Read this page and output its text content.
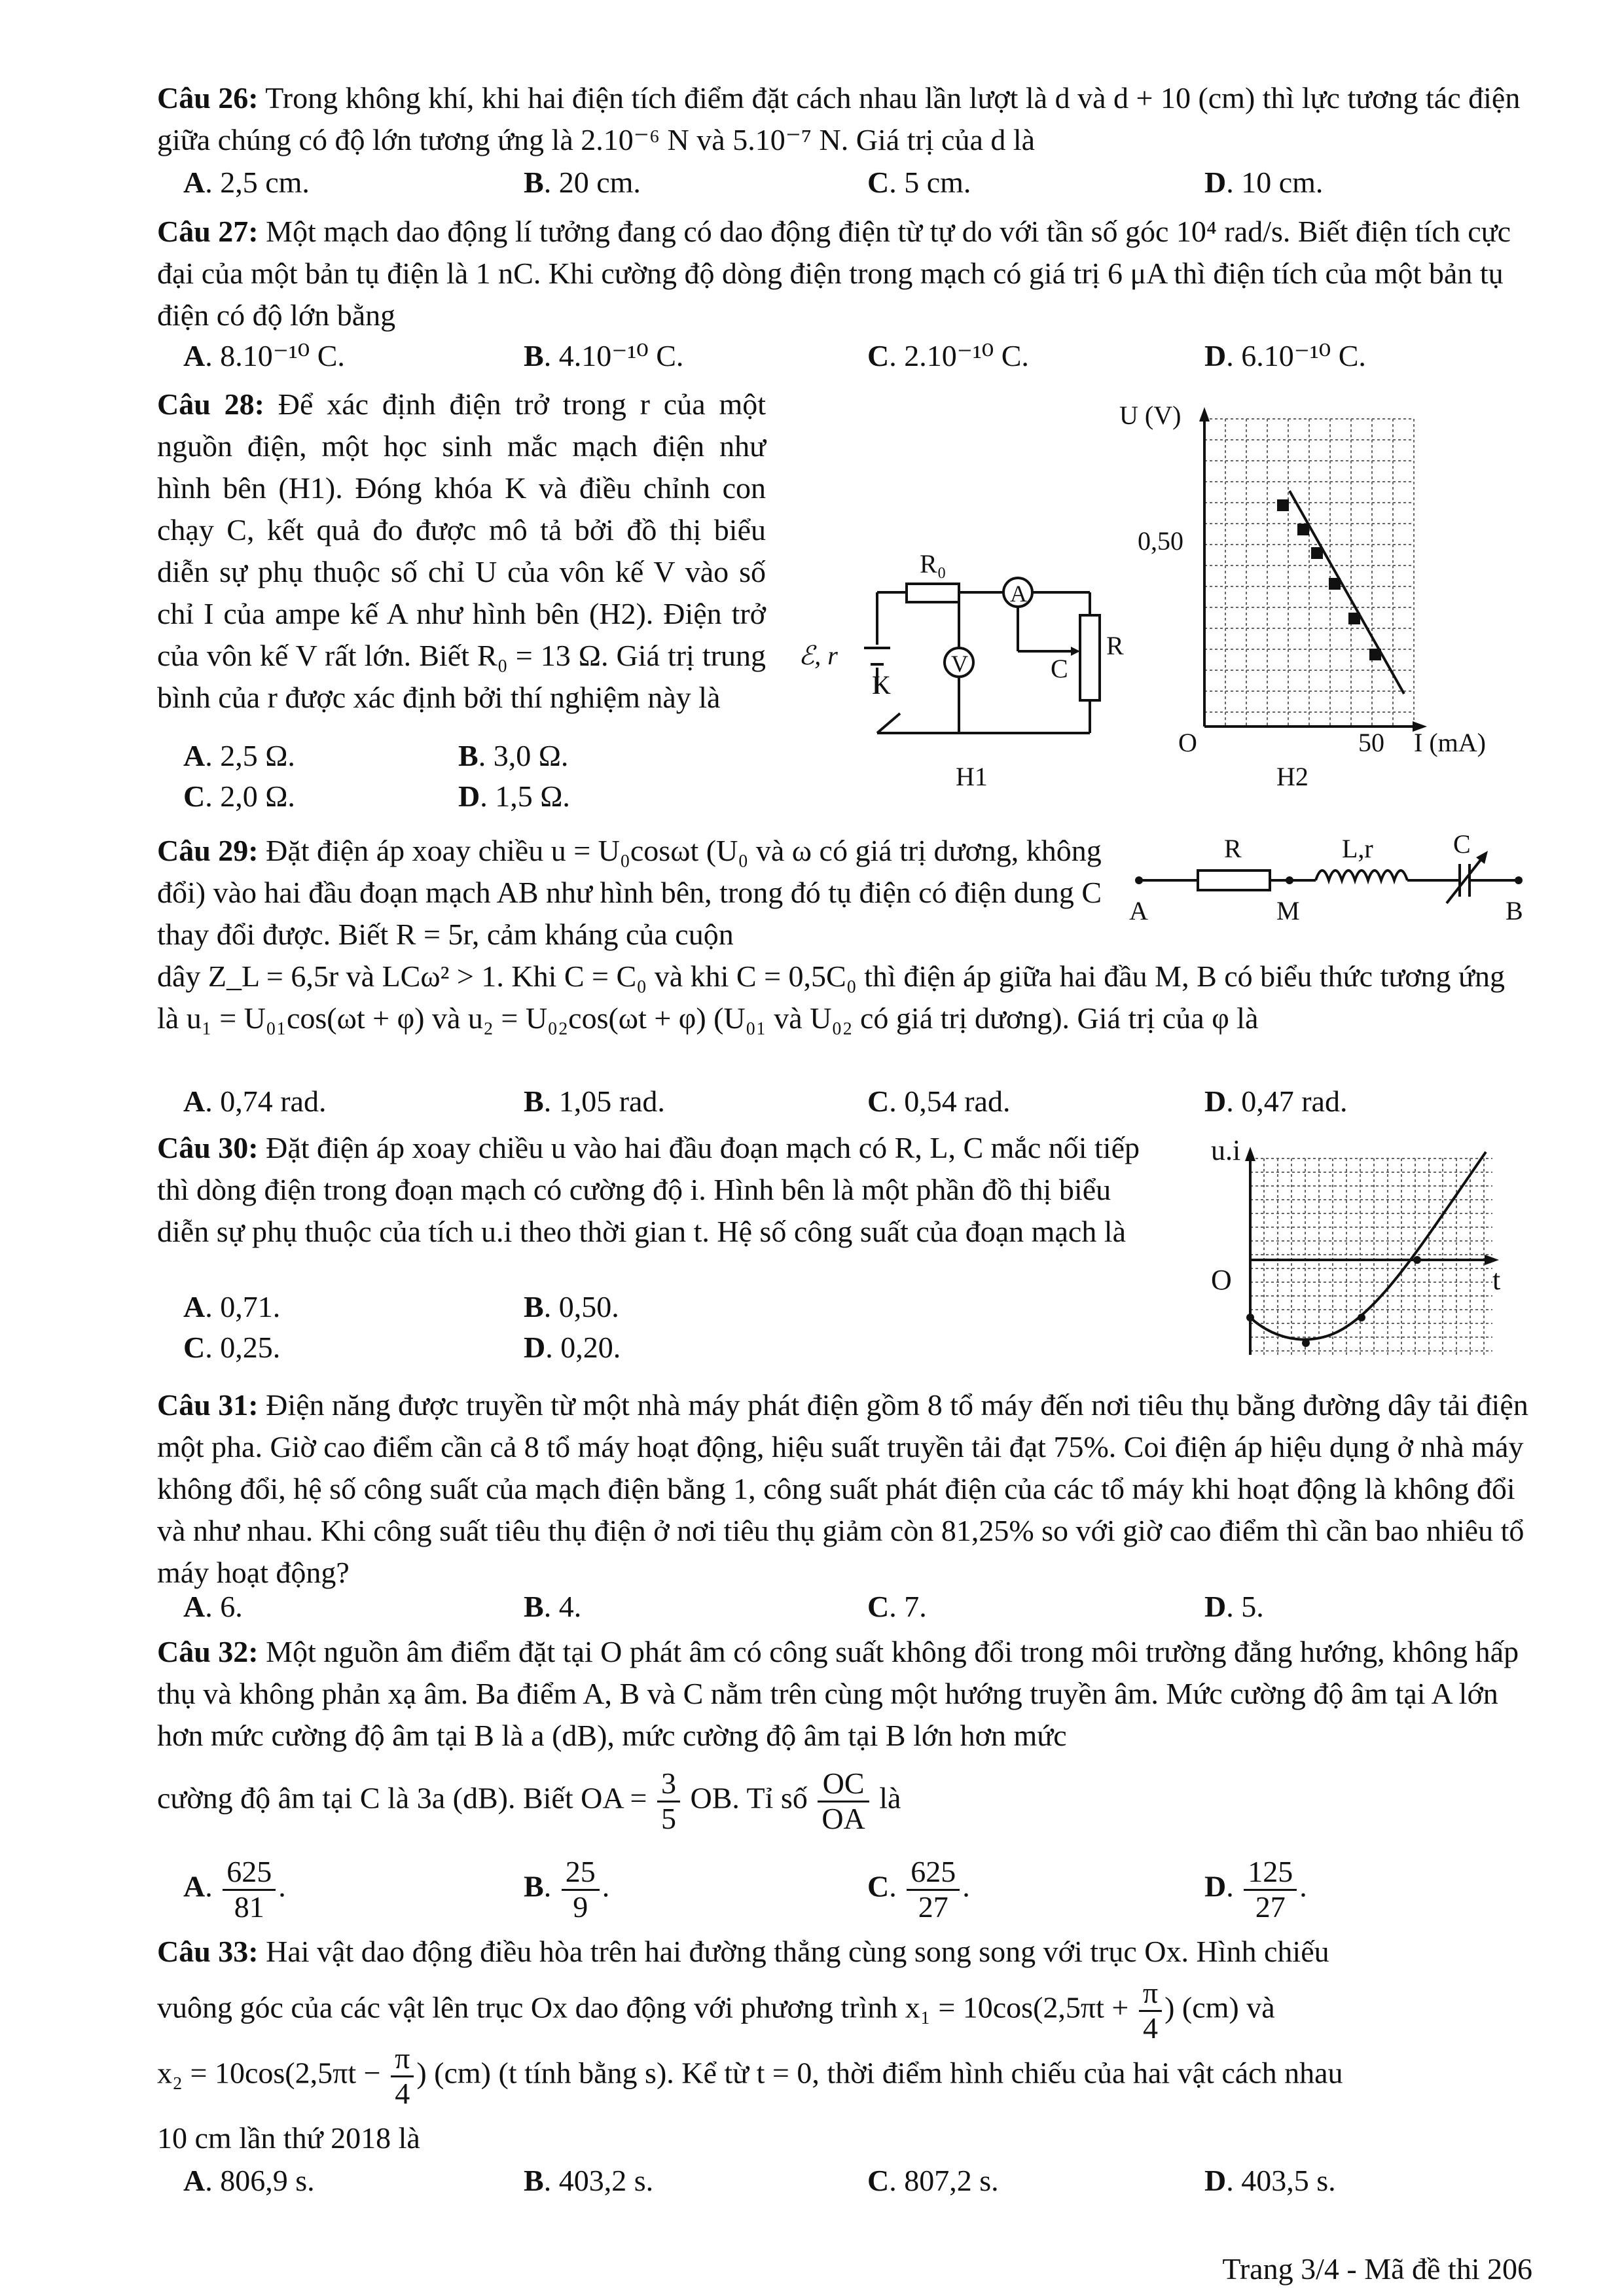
Câu 26: Trong không khí, khi hai điện tích điểm đặt cách nhau lần lượt là d và d + 10 (cm) thì lực tương tác điện giữa chúng có độ lớn tương ứng là 2.10⁻⁶ N và 5.10⁻⁷ N. Giá trị của d là
A. 2,5 cm.	B. 20 cm.	C. 5 cm.	D. 10 cm.
Câu 27: Một mạch dao động lí tưởng đang có dao động điện từ tự do với tần số góc 10⁴ rad/s. Biết điện tích cực đại của một bản tụ điện là 1 nC. Khi cường độ dòng điện trong mạch có giá trị 6 μA thì điện tích của một bản tụ điện có độ lớn bằng
A. 8.10⁻¹⁰ C.	B. 4.10⁻¹⁰ C.	C. 2.10⁻¹⁰ C.	D. 6.10⁻¹⁰ C.
Câu 28: Để xác định điện trở trong r của một nguồn điện, một học sinh mắc mạch điện như hình bên (H1). Đóng khóa K và điều chỉnh con chạy C, kết quả đo được mô tả bởi đồ thị biểu diễn sự phụ thuộc số chỉ U của vôn kế V vào số chỉ I của ampe kế A như hình bên (H2). Điện trở của vôn kế V rất lớn. Biết R₀ = 13 Ω. Giá trị trung bình của r được xác định bởi thí nghiệm này là
A. 2,5 Ω.	B. 3,0 Ω.
C. 2,0 Ω.	D. 1,5 Ω.
R₀
A
V
ℰ, r
K
C
R
H1
U (V)
0,50
O	50 I (mA)
H2
Câu 29: Đặt điện áp xoay chiều u = U₀cosωt (U₀ và ω có giá trị dương, không đổi) vào hai đầu đoạn mạch AB như hình bên, trong đó tụ điện có điện dung C thay đổi được. Biết R = 5r, cảm kháng của cuộn
dây Z_L = 6,5r và LCω² > 1. Khi C = C₀ và khi C = 0,5C₀ thì điện áp giữa hai đầu M, B có biểu thức tương ứng là u₁ = U₀₁cos(ωt + φ) và u₂ = U₀₂cos(ωt + φ) (U₀₁ và U₀₂ có giá trị dương). Giá trị của φ là
A. 0,74 rad.	B. 1,05 rad.	C. 0,54 rad.	D. 0,47 rad.
R	L,r	C
A	M	B
Câu 30: Đặt điện áp xoay chiều u vào hai đầu đoạn mạch có R, L, C mắc nối tiếp thì dòng điện trong đoạn mạch có cường độ i. Hình bên là một phần đồ thị biểu diễn sự phụ thuộc của tích u.i theo thời gian t. Hệ số công suất của đoạn mạch là
A. 0,71.	B. 0,50.
C. 0,25.	D. 0,20.
u.i
O	t
Câu 31: Điện năng được truyền từ một nhà máy phát điện gồm 8 tổ máy đến nơi tiêu thụ bằng đường dây tải điện một pha. Giờ cao điểm cần cả 8 tổ máy hoạt động, hiệu suất truyền tải đạt 75%. Coi điện áp hiệu dụng ở nhà máy không đổi, hệ số công suất của mạch điện bằng 1, công suất phát điện của các tổ máy khi hoạt động là không đổi và như nhau. Khi công suất tiêu thụ điện ở nơi tiêu thụ giảm còn 81,25% so với giờ cao điểm thì cần bao nhiêu tổ máy hoạt động?
A. 6.	B. 4.	C. 7.	D. 5.
Câu 32: Một nguồn âm điểm đặt tại O phát âm có công suất không đổi trong môi trường đẳng hướng, không hấp thụ và không phản xạ âm. Ba điểm A, B và C nằm trên cùng một hướng truyền âm. Mức cường độ âm tại A lớn hơn mức cường độ âm tại B là a (dB), mức cường độ âm tại B lớn hơn mức
cường độ âm tại C là 3a (dB). Biết OA = $\frac{3}{5}$ OB. Tỉ số $\frac{OC}{OA}$ là
A. $\frac{625}{81}$ .	B. $\frac{25}{9}$ .	C. $\frac{625}{27}$ .	D. $\frac{125}{27}$ .
Câu 33: Hai vật dao động điều hòa trên hai đường thẳng cùng song song với trục Ox. Hình chiếu
vuông góc của các vật lên trục Ox dao động với phương trình $x_1 = 10\cos(2,5\pi t + \frac{\pi}{4}$ ) (cm) và
$x_2 = 10\cos(2,5\pi t - \frac{\pi}{4}$ ) (cm) (t tính bằng s). Kể từ t = 0, thời điểm hình chiếu của hai vật cách nhau
10 cm lần thứ 2018 là
A. 806,9 s.	B. 403,2 s.	C. 807,2 s.	D. 403,5 s.
Trang 3/4 - Mã đề thi 206
